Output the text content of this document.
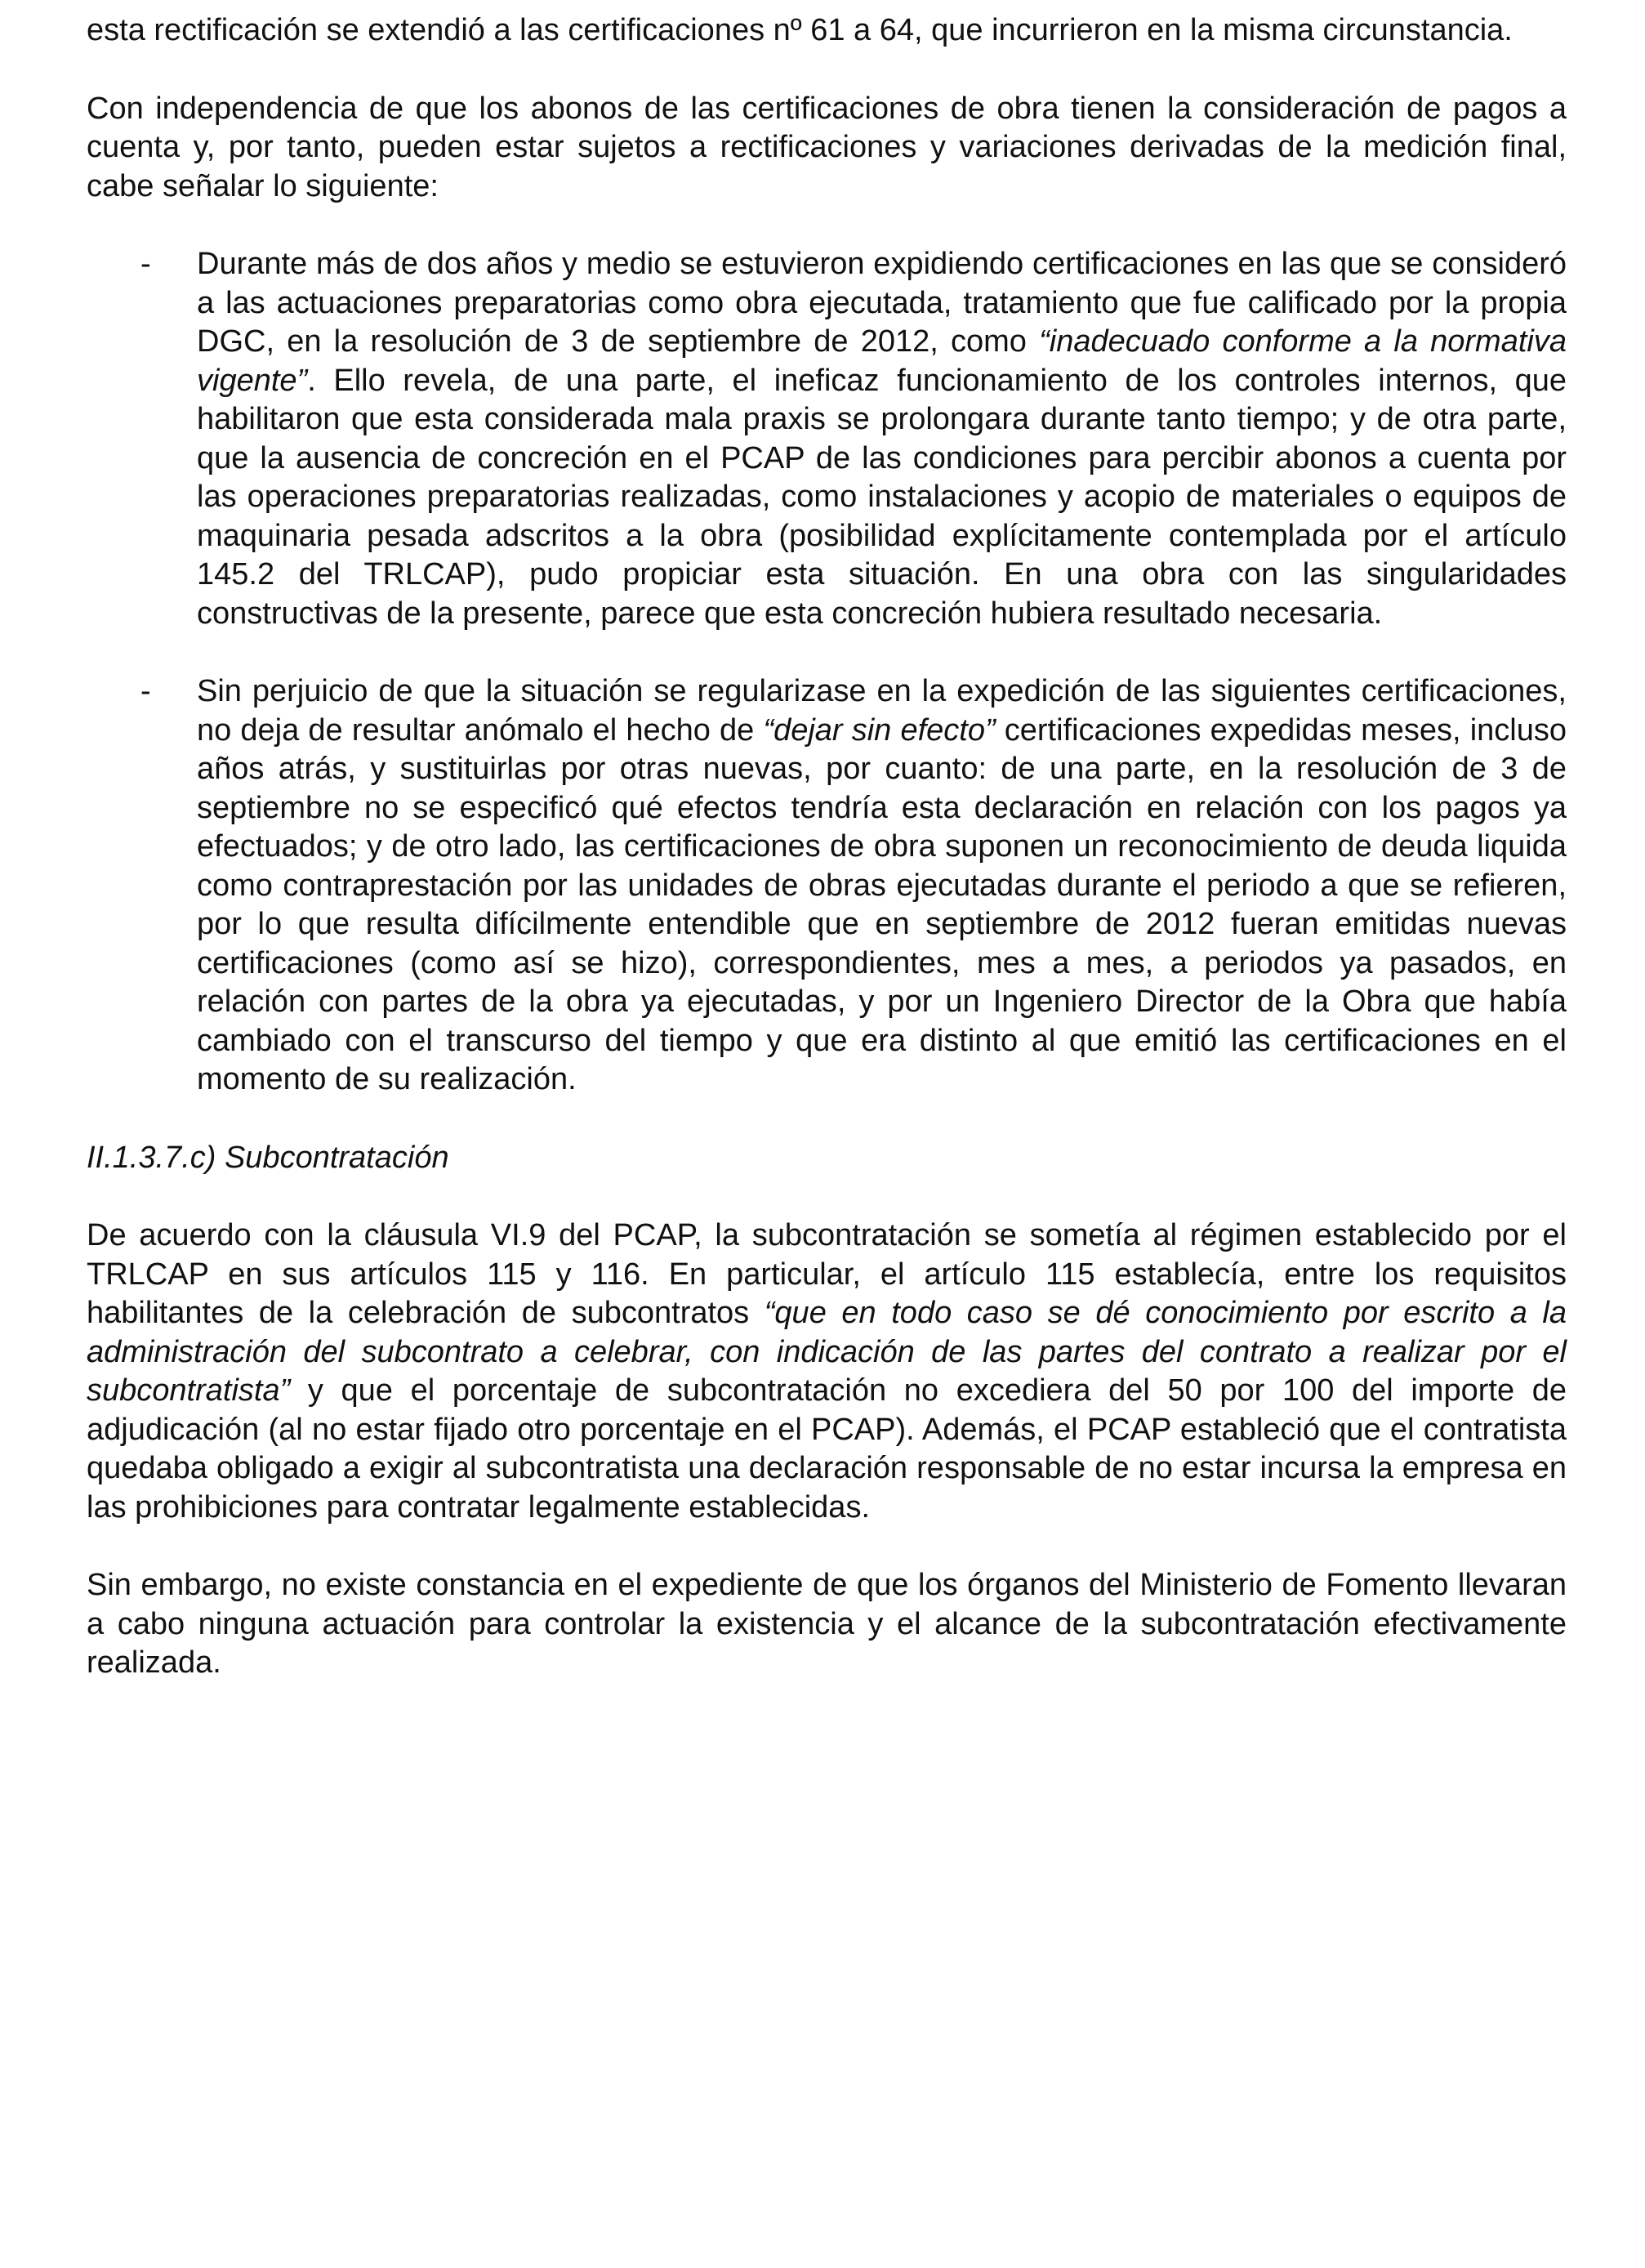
esta rectificación se extendió a las certificaciones nº 61 a 64, que incurrieron en la misma circunstancia.

Con independencia de que los abonos de las certificaciones de obra tienen la consideración de pagos a cuenta y, por tanto, pueden estar sujetos a rectificaciones y variaciones derivadas de la medición final, cabe señalar lo siguiente:

- Durante más de dos años y medio se estuvieron expidiendo certificaciones en las que se consideró a las actuaciones preparatorias como obra ejecutada, tratamiento que fue calificado por la propia DGC, en la resolución de 3 de septiembre de 2012, como “inadecuado conforme a la normativa vigente”. Ello revela, de una parte, el ineficaz funcionamiento de los controles internos, que habilitaron que esta considerada mala praxis se prolongara durante tanto tiempo; y de otra parte, que la ausencia de concreción en el PCAP de las condiciones para percibir abonos a cuenta por las operaciones preparatorias realizadas, como instalaciones y acopio de materiales o equipos de maquinaria pesada adscritos a la obra (posibilidad explícitamente contemplada por el artículo 145.2 del TRLCAP), pudo propiciar esta situación. En una obra con las singularidades constructivas de la presente, parece que esta concreción hubiera resultado necesaria.
- Sin perjuicio de que la situación se regularizase en la expedición de las siguientes certificaciones, no deja de resultar anómalo el hecho de “dejar sin efecto” certificaciones expedidas meses, incluso años atrás, y sustituirlas por otras nuevas, por cuanto: de una parte, en la resolución de 3 de septiembre no se especificó qué efectos tendría esta declaración en relación con los pagos ya efectuados; y de otro lado, las certificaciones de obra suponen un reconocimiento de deuda liquida como contraprestación por las unidades de obras ejecutadas durante el periodo a que se refieren, por lo que resulta difícilmente entendible que en septiembre de 2012 fueran emitidas nuevas certificaciones (como así se hizo), correspondientes, mes a mes, a periodos ya pasados, en relación con partes de la obra ya ejecutadas, y por un Ingeniero Director de la Obra que había cambiado con el transcurso del tiempo y que era distinto al que emitió las certificaciones en el momento de su realización.

II.1.3.7.c) Subcontratación

De acuerdo con la cláusula VI.9 del PCAP, la subcontratación se sometía al régimen establecido por el TRLCAP en sus artículos 115 y 116. En particular, el artículo 115 establecía, entre los requisitos habilitantes de la celebración de subcontratos “que en todo caso se dé conocimiento por escrito a la administración del subcontrato a celebrar, con indicación de las partes del contrato a realizar por el subcontratista” y que el porcentaje de subcontratación no excediera del 50 por 100 del importe de adjudicación (al no estar fijado otro porcentaje en el PCAP). Además, el PCAP estableció que el contratista quedaba obligado a exigir al subcontratista una declaración responsable de no estar incursa la empresa en las prohibiciones para contratar legalmente establecidas.

Sin embargo, no existe constancia en el expediente de que los órganos del Ministerio de Fomento llevaran a cabo ninguna actuación para controlar la existencia y el alcance de la subcontratación efectivamente realizada.
